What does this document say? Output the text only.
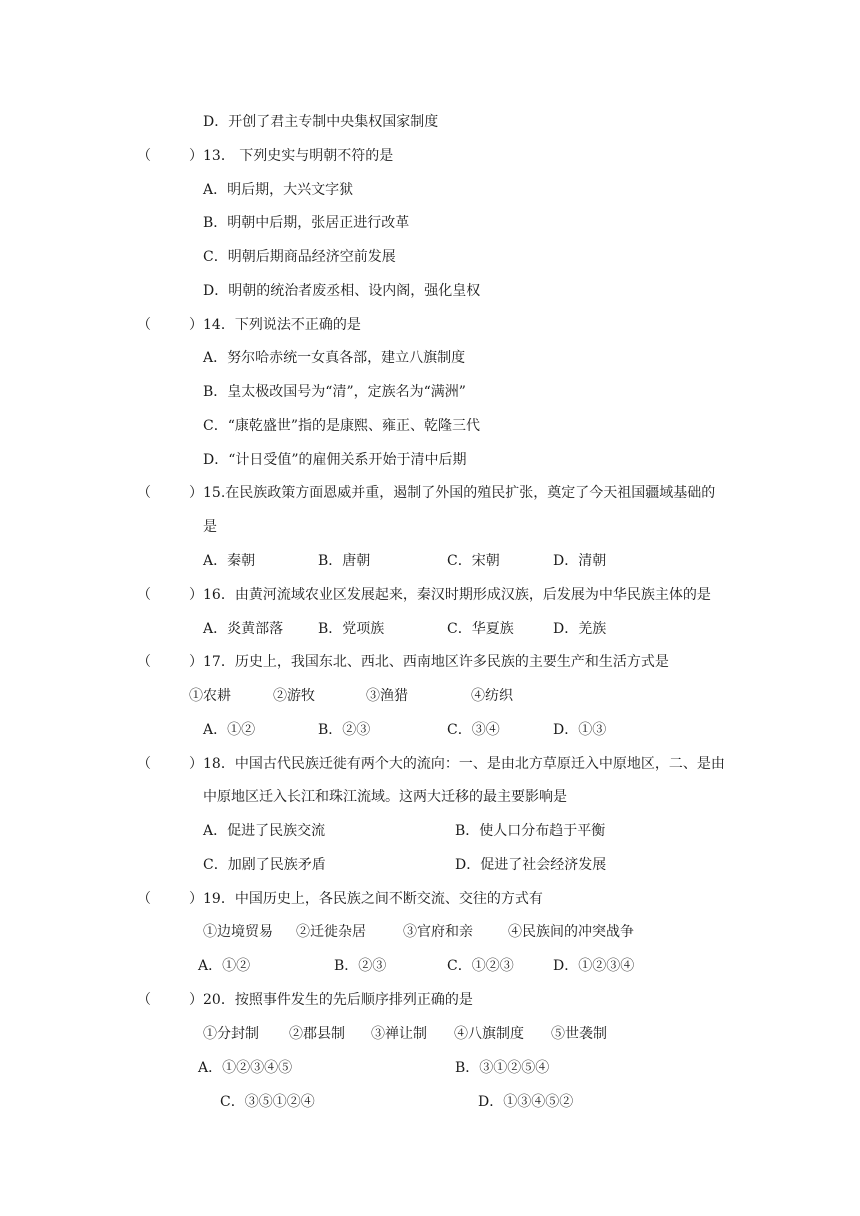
D．开创了君主专制中央集权国家制度
（	）13． 下列史实与明朝不符的是
A．明后期，大兴文字狱
B．明朝中后期，张居正进行改革
C．明朝后期商品经济空前发展
D．明朝的统治者废丞相、设内阁，强化皇权
（	）14．下列说法不正确的是
A．努尔哈赤统一女真各部，建立八旗制度
B．皇太极改国号为“清”，定族名为“满洲”
C．“康乾盛世”指的是康熙、雍正、乾隆三代
D．“计日受值”的雇佣关系开始于清中后期
（	）15.在民族政策方面恩威并重，遏制了外国的殖民扩张，奠定了今天祖国疆域基础的
是
A．秦朝	B．唐朝	C．宋朝	D．清朝
（	）16．由黄河流域农业区发展起来，秦汉时期形成汉族，后发展为中华民族主体的是
A．炎黄部落 B．党项族	C．华夏族	D．羌族
（	）17．历史上，我国东北、西北、西南地区许多民族的主要生产和生活方式是
①农耕	②游牧	③渔猎	④纺织
A．①②	B．②③	C．③④	D．①③
（	）18．中国古代民族迁徙有两个大的流向：一、是由北方草原迁入中原地区，二、是由
中原地区迁入长江和珠江流域。这两大迁移的最主要影响是
A．促进了民族交流	B．使人口分布趋于平衡
C．加剧了民族矛盾	D．促进了社会经济发展
（	）19．中国历史上，各民族之间不断交流、交往的方式有
①边境贸易 ②迁徙杂居	③官府和亲	④民族间的冲突战争
A．①②	B．②③	C．①②③	D．①②③④
（	）20．按照事件发生的先后顺序排列正确的是
①分封制 ②郡县制 ③禅让制 ④八旗制度 ⑤世袭制
A．①②③④⑤	B．③①②⑤④
C．③⑤①②④	D．①③④⑤②
